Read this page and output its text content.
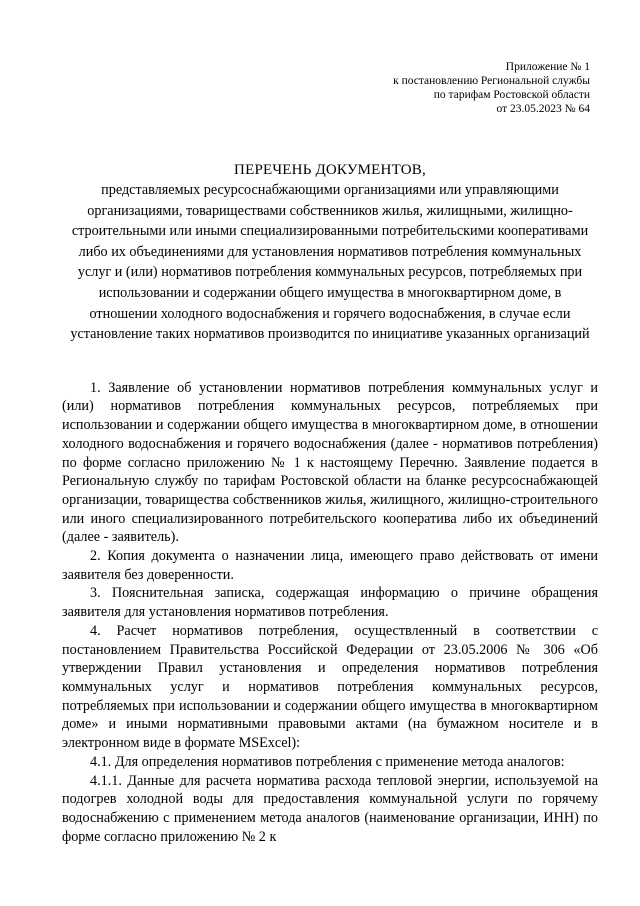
Приложение № 1
к постановлению Региональной службы
по тарифам Ростовской области
от 23.05.2023 № 64
ПЕРЕЧЕНЬ ДОКУМЕНТОВ,
представляемых ресурсоснабжающими организациями или управляющими организациями, товариществами собственников жилья, жилищными, жилищно-строительными или иными специализированными потребительскими кооперативами либо их объединениями для установления нормативов потребления коммунальных услуг и (или) нормативов потребления коммунальных ресурсов, потребляемых при использовании и содержании общего имущества в многоквартирном доме, в отношении холодного водоснабжения и горячего водоснабжения, в случае если установление таких нормативов производится по инициативе указанных организаций

1. Заявление об установлении нормативов потребления коммунальных услуг и (или) нормативов потребления коммунальных ресурсов, потребляемых при использовании и содержании общего имущества в многоквартирном доме, в отношении холодного водоснабжения и горячего водоснабжения (далее - нормативов потребления) по форме согласно приложению № 1 к настоящему Перечню. Заявление подается в Региональную службу по тарифам Ростовской области на бланке ресурсоснабжающей организации, товарищества собственников жилья, жилищного, жилищно-строительного или иного специализированного потребительского кооператива либо их объединений (далее - заявитель).

2. Копия документа о назначении лица, имеющего право действовать от имени заявителя без доверенности.

3. Пояснительная записка, содержащая информацию о причине обращения заявителя для установления нормативов потребления.

4. Расчет нормативов потребления, осуществленный в соответствии с постановлением Правительства Российской Федерации от 23.05.2006 № 306 «Об утверждении Правил установления и определения нормативов потребления коммунальных услуг и нормативов потребления коммунальных ресурсов, потребляемых при использовании и содержании общего имущества в многоквартирном доме» и иными нормативными правовыми актами (на бумажном носителе и в электронном виде в формате MSExcel):

4.1. Для определения нормативов потребления с применение метода аналогов:

4.1.1. Данные для расчета норматива расхода тепловой энергии, используемой на подогрев холодной воды для предоставления коммунальной услуги по горячему водоснабжению с применением метода аналогов (наименование организации, ИНН) по форме согласно приложению № 2 к
